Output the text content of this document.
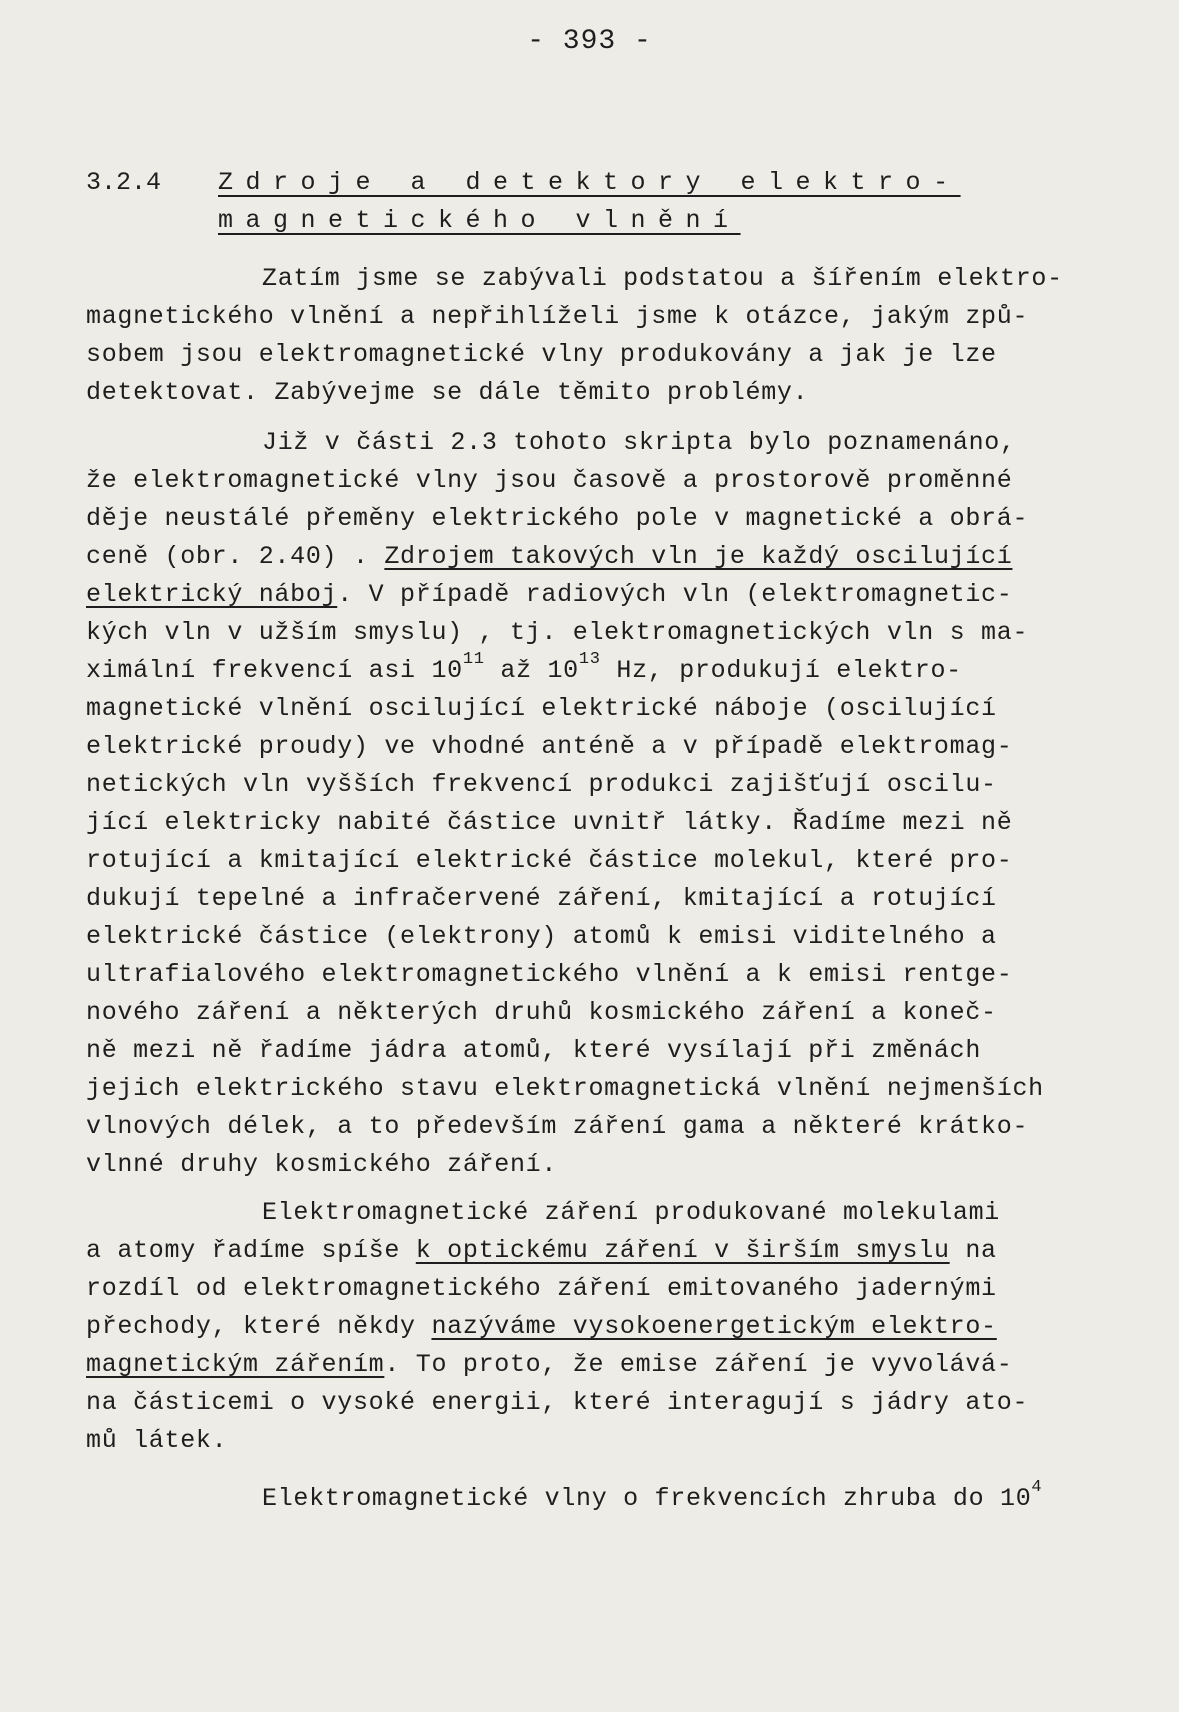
- 393 -
3.2.4 Zdroje a detektory elektro-
magnetického vlnění
Zatím jsme se zabývali podstatou a šířením elektro-
magnetického vlnění a nepřihlíželi jsme k otázce, jakým způ-
sobem jsou elektromagnetické vlny produkovány a jak je lze
detektovat. Zabývejme se dále těmito problémy.
Již v části 2.3 tohoto skripta bylo poznamenáno,
že elektromagnetické vlny jsou časově a prostorově proměnné
děje neustálé přeměny elektrického pole v magnetické a obrá-
ceně (obr. 2.40) . Zdrojem takových vln je každý oscilující
elektrický náboj. V případě radiových vln (elektromagnetic-
kých vln v užším smyslu) , tj. elektromagnetických vln s ma-
ximální frekvencí asi $10^{11}$ až $10^{13}$ Hz, produkují elektro-
magnetické vlnění oscilující elektrické náboje (oscilující
elektrické proudy) ve vhodné anténě a v případě elektromag-
netických vln vyšších frekvencí produkci zajišťují oscilu-
jící elektricky nabité částice uvnitř látky. Řadíme mezi ně
rotující a kmitající elektrické částice molekul, které pro-
dukují tepelné a infračervené záření, kmitající a rotující
elektrické částice (elektrony) atomů k emisi viditelného a
ultrafialového elektromagnetického vlnění a k emisi rentge-
nového záření a některých druhů kosmického záření a koneč-
ně mezi ně řadíme jádra atomů, které vysílají při změnách
jejich elektrického stavu elektromagnetická vlnění nejmenších
vlnových délek, a to především záření gama a některé krátko-
vlnné druhy kosmického záření.
Elektromagnetické záření produkované molekulami
a atomy řadíme spíše k optickému záření v širším smyslu na
rozdíl od elektromagnetického záření emitovaného jadernými
přechody, které někdy nazýváme vysokoenergetickým elektro-
magnetickým zářením. To proto, že emise záření je vyvolává-
na částicemi o vysoké energii, které interagují s jádry ato-
mů látek.
Elektromagnetické vlny o frekvencích zhruba do $10^4$
